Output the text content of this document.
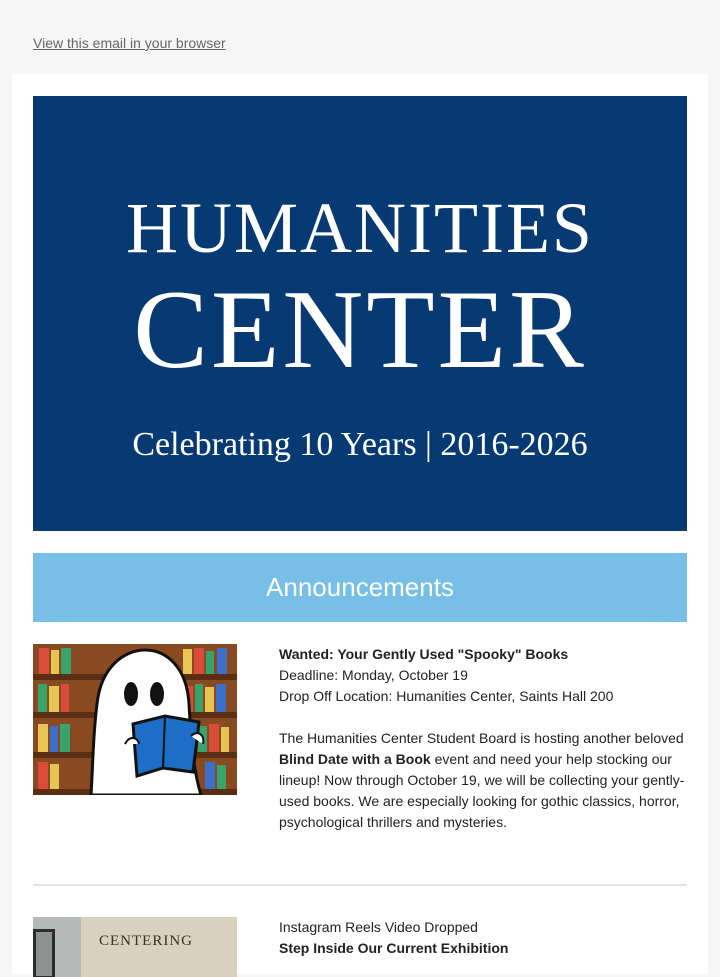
View this email in your browser
HUMANITIES
CENTER
Celebrating 10 Years | 2016-2026
Announcements

Wanted: Your Gently Used "Spooky" Books

Deadline: Monday, October 19

Drop Off Location: Humanities Center, Saints Hall 200

The Humanities Center Student Board is hosting another beloved Blind Date with a Book event and need your help stocking our lineup! Now through October 19, we will be collecting your gently-used books. We are especially looking for gothic classics, horror, psychological thrillers and mysteries.

CENTERING

Instagram Reels Video Dropped

Step Inside Our Current Exhibition
